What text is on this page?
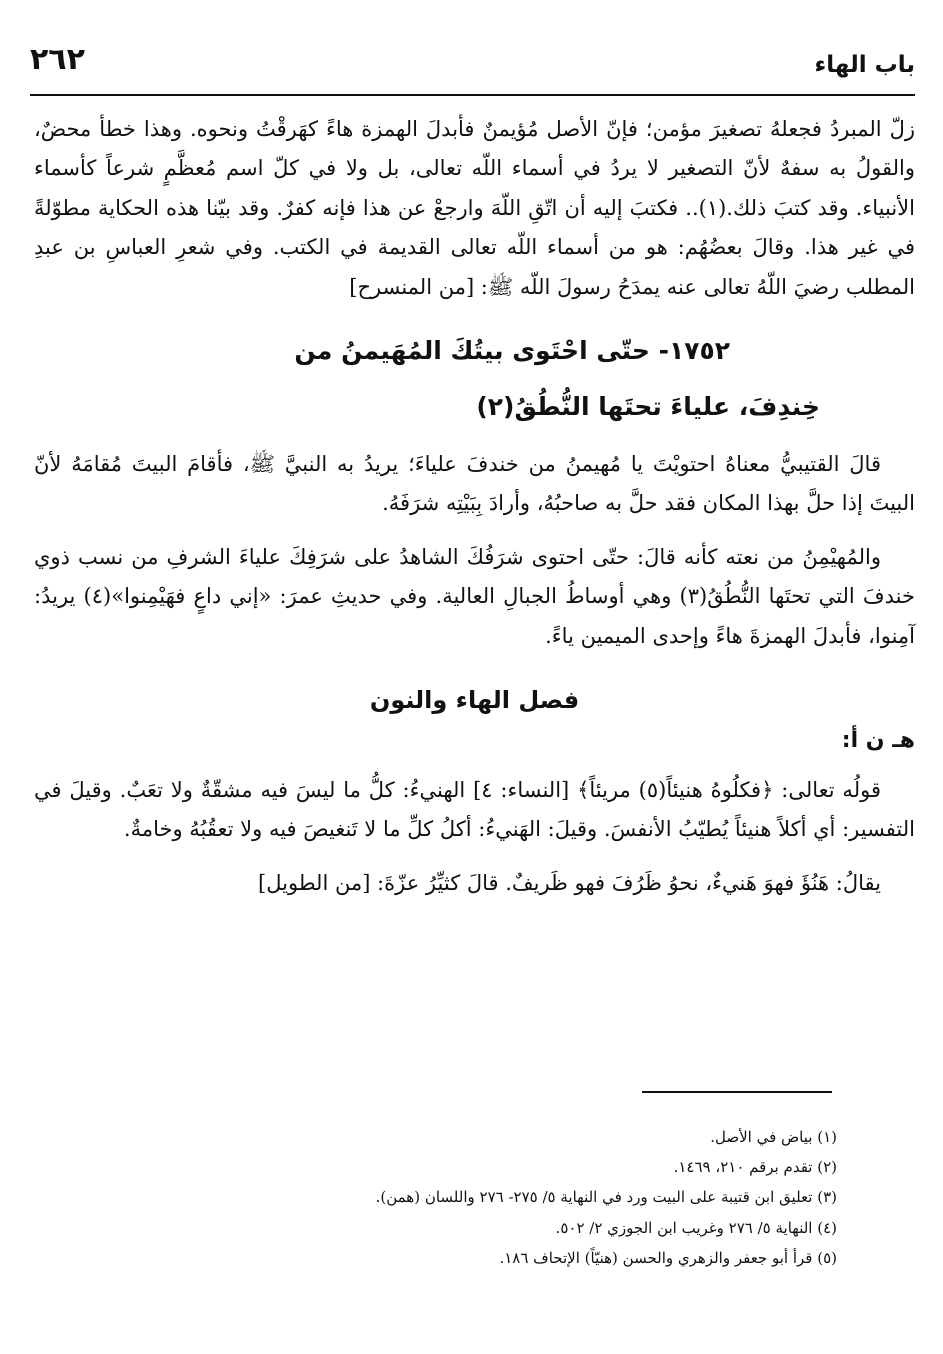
باب الهاء
٢٦٢

زلّ المبردُ فجعلهُ تصغيرَ مؤمن؛ فإنّ الأصل مُؤيمنٌ فأبدلَ الهمزة هاءً كهَرقْتُ ونحوه. وهذا خطأ محضٌ، والقولُ به سفهٌ لأنّ التصغير لا يردُ في أسماء اللّه تعالى، بل ولا في كلّ اسم مُعظَّمٍ شرعاً كأسماء الأنبياء. وقد كتبَ ذلك.(١).. فكتبَ إليه أن اتّقِ اللّهَ وارجعْ عن هذا فإنه كفرٌ. وقد بيّنا هذه الحكاية مطوّلةً في غير هذا. وقالَ بعضُهُم: هو من أسماء اللّه تعالى القديمة في الكتب. وفي شعرِ العباسِ بن عبدِ المطلب رضيَ اللّهُ تعالى عنه يمدَحُ رسولَ اللّه ﷺ: [من المنسرح]

١٧٥٢- حتّى احْتَوى بيتُكَ المُهَيمنُ من
خِندِفَ، علياءَ تحتَها النُّطُقُ(٢)

قالَ القتيبيُّ معناهُ احتويْتَ يا مُهيمنُ من خندفَ علياءَ؛ يريدُ به النبيَّ ﷺ، فأقامَ البيتَ مُقامَهُ لأنّ البيتَ إذا حلَّ بهذا المكان فقد حلَّ به صاحبُهُ، وأرادَ بِبَيْتِه شرَفَهُ.

والمُهيْمِنُ من نعته كأنه قالَ: حتّى احتوى شرَفُكَ الشاهدُ على شرَفِكَ علياءَ الشرفِ من نسب ذوي خندفَ التي تحتَها النُّطُقُ(٣) وهي أوساطُ الجبالِ العالية. وفي حديثِ عمرَ: «إني داعٍ فهَيْمِنوا»(٤) يريدُ: آمِنوا، فأبدلَ الهمزةَ هاءً وإحدى الميمين ياءً.

فصل الهاء والنون
هـ ن أ:

قولُه تعالى: ﴿فكلُوهُ هنيئاً(٥) مريئاً﴾ [النساء: ٤] الهنيءُ: كلُّ ما ليسَ فيه مشقّةٌ ولا تعَبٌ. وقيلَ في التفسير: أي أكلاً هنيئاً يُطيّبُ الأنفسَ. وقيلَ: الهَنيءُ: أكلُ كلِّ ما لا تَنغيصَ فيه ولا تعقُبُهُ وخامةٌ.

يقالُ: هَنُؤَ فهوَ هَنيءٌ، نحوُ ظَرُفَ فهو ظَريفٌ. قالَ كثيِّرُ عزّةَ: [من الطويل]

(١) بياض في الأصل.
(٢) تقدم برقم ٢١٠، ١٤٦٩.
(٣) تعليق ابن قتيبة على البيت ورد في النهاية ٥/ ٢٧٥- ٢٧٦ واللسان (همن).
(٤) النهاية ٥/ ٢٧٦ وغريب ابن الجوزي ٢/ ٥٠٢.
(٥) قرأ أبو جعفر والزهري والحسن (هنيّاً) الإتحاف ١٨٦.
